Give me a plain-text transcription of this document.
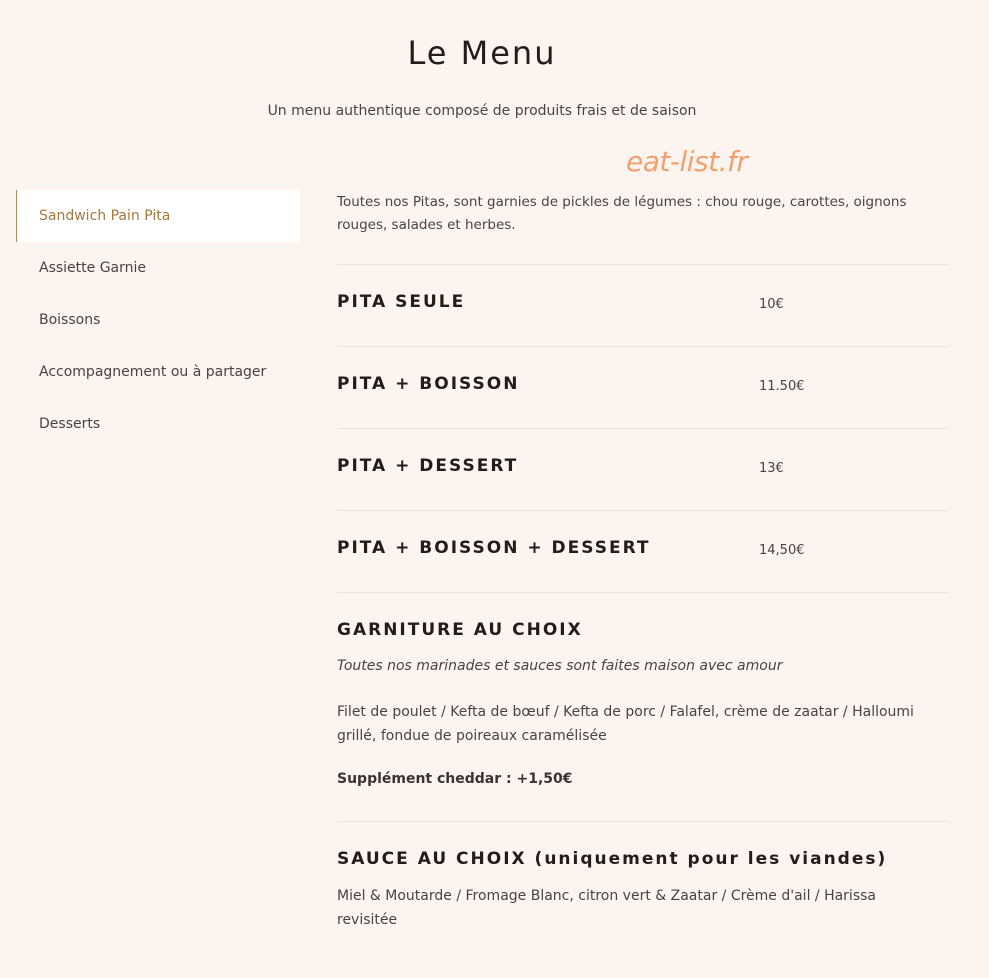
Le Menu
Un menu authentique composé de produits frais et de saison
eat-list.fr
Sandwich Pain Pita
Assiette Garnie
Boissons
Accompagnement ou à partager
Desserts

Toutes nos Pitas, sont garnies de pickles de légumes : chou rouge, carottes, oignons rouges, salades et herbes.

PITA SEULE	10€
PITA + BOISSON	11.50€
PITA + DESSERT	13€
PITA + BOISSON + DESSERT	14,50€
GARNITURE AU CHOIX
Toutes nos marinades et sauces sont faites maison avec amour
Filet de poulet / Kefta de bœuf / Kefta de porc / Falafel, crème de zaatar / Halloumi grillé, fondue de poireaux caramélisée
Supplément cheddar : +1,50€
SAUCE AU CHOIX (uniquement pour les viandes)
Miel & Moutarde / Fromage Blanc, citron vert & Zaatar / Crème d'ail / Harissa revisitée
